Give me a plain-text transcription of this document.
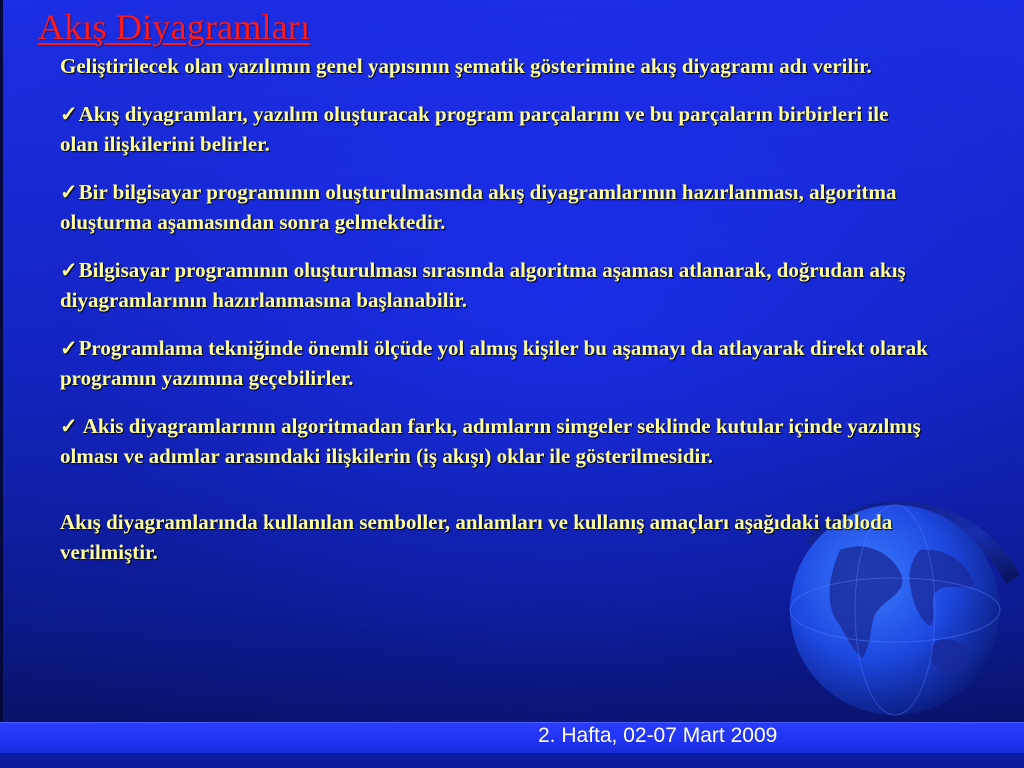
Akış Diyagramları

Geliştirilecek olan yazılımın genel yapısının şematik gösterimine akış diyagramı adı verilir.

✓Akış diyagramları, yazılım oluşturacak program parçalarını ve bu parçaların birbirleri ile olan ilişkilerini belirler.

✓Bir bilgisayar programının oluşturulmasında akış diyagramlarının hazırlanması, algoritma oluşturma aşamasından sonra gelmektedir.

✓Bilgisayar programının oluşturulması sırasında algoritma aşaması atlanarak, doğrudan akış diyagramlarının hazırlanmasına başlanabilir.

✓Programlama tekniğinde önemli ölçüde yol almış kişiler bu aşamayı da atlayarak direkt olarak programın yazımına geçebilirler.

✓ Akis diyagramlarının algoritmadan farkı, adımların simgeler seklinde kutular içinde yazılmış olması ve adımlar arasındaki ilişkilerin (iş akışı) oklar ile gösterilmesidir.

Akış diyagramlarında kullanılan semboller, anlamları ve kullanış amaçları aşağıdaki tabloda verilmiştir.

2. Hafta, 02-07 Mart 2009
